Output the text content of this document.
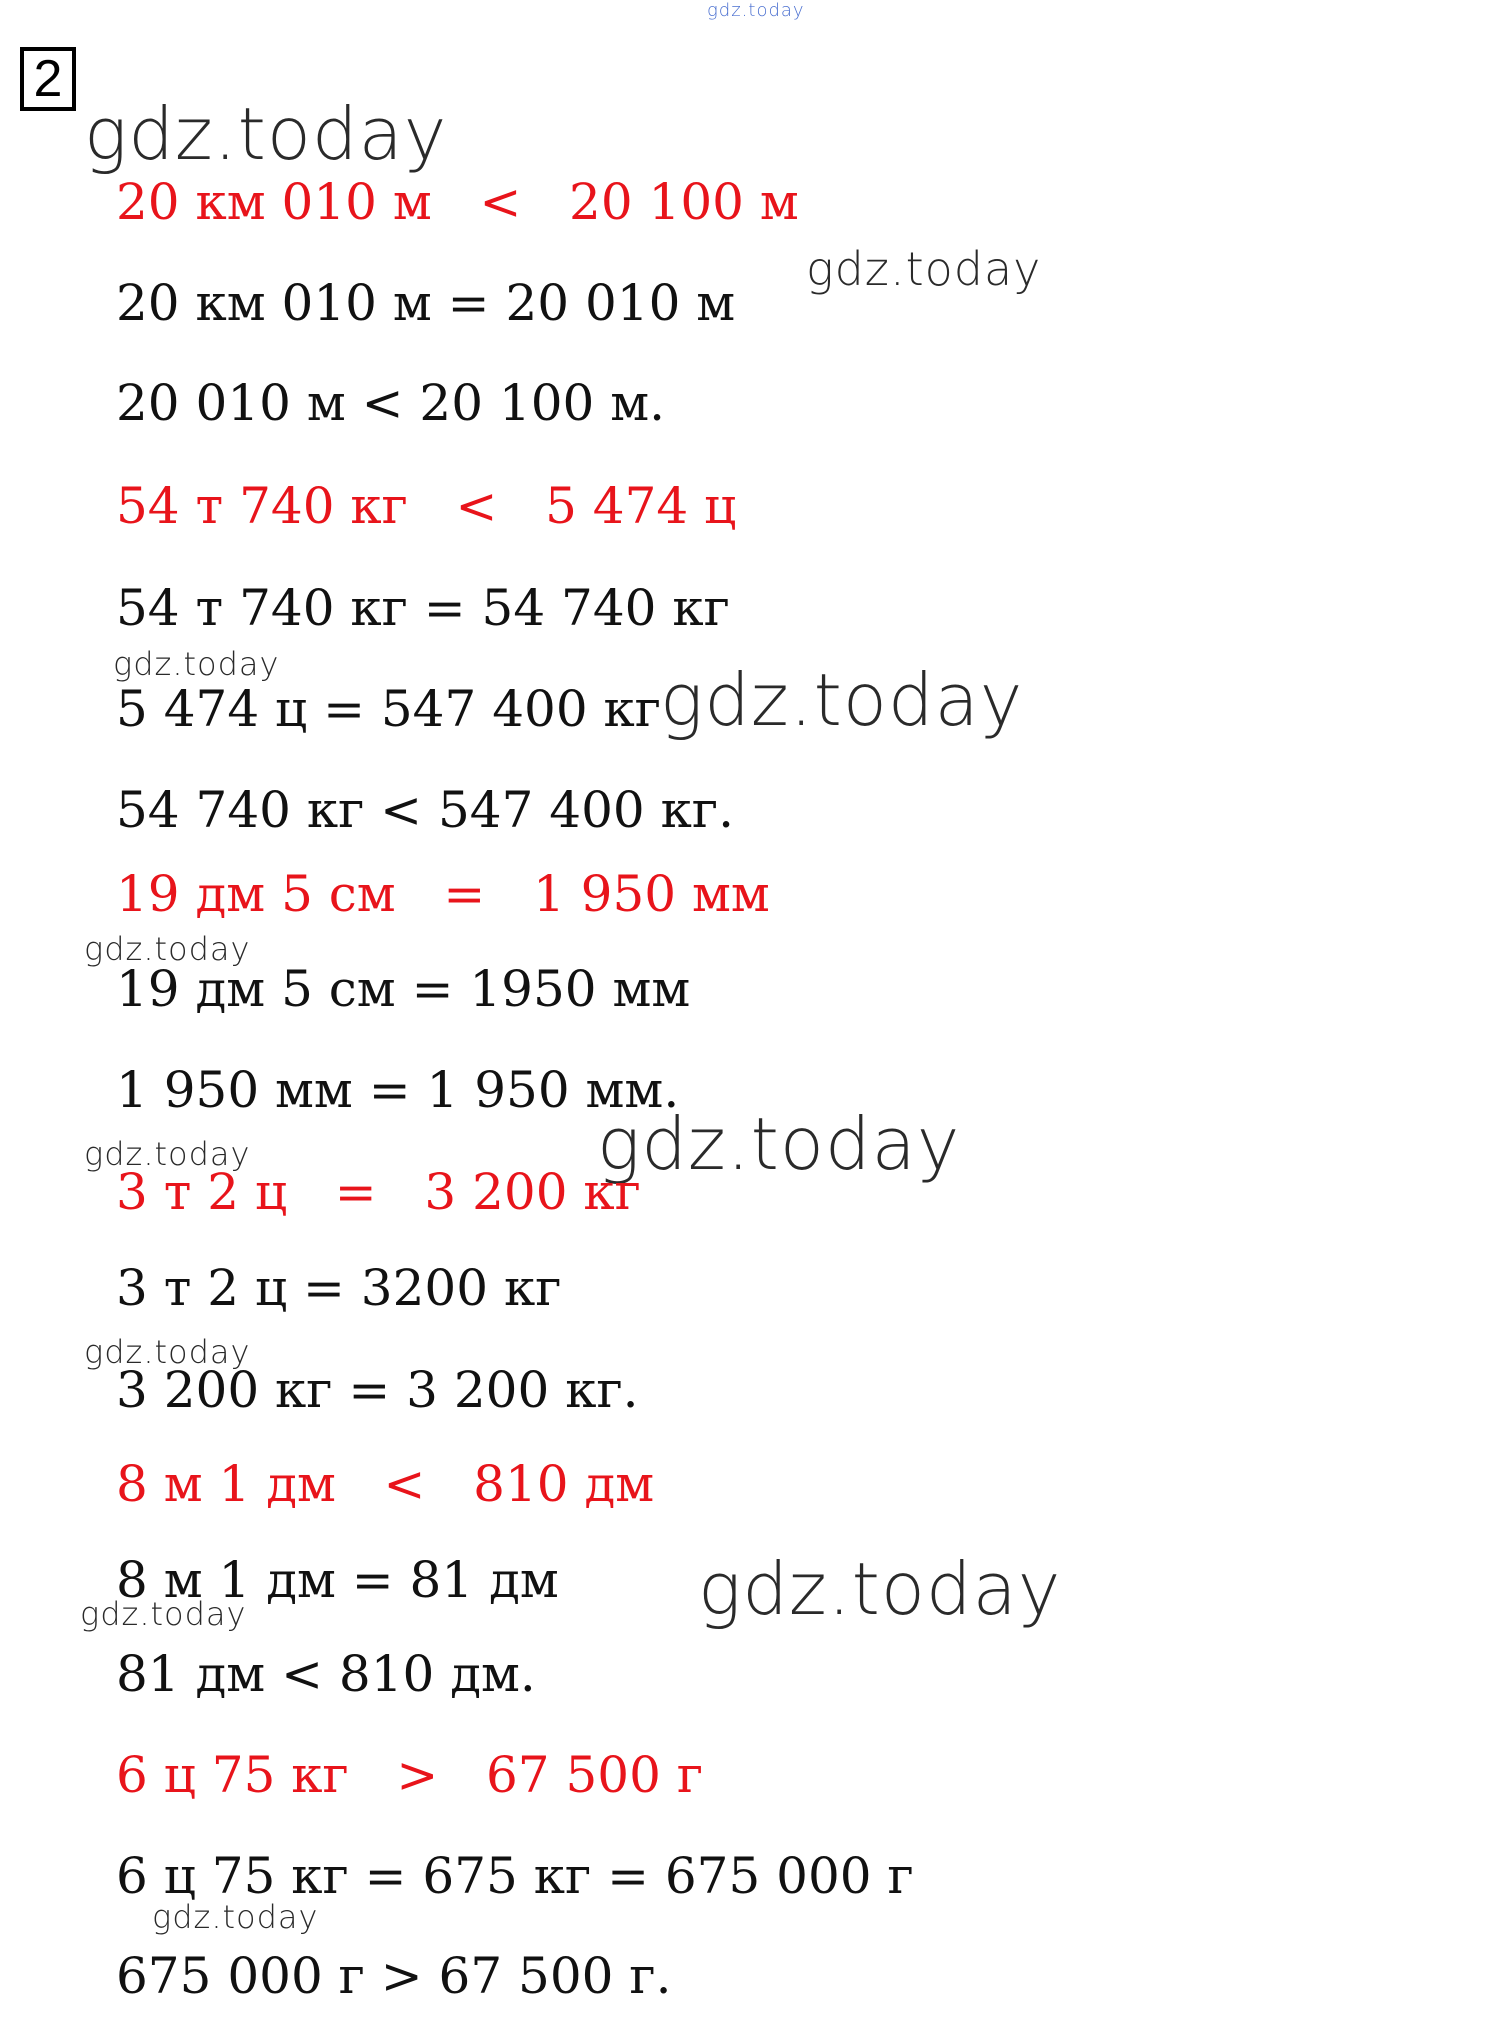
gdz.today
gdz.today
gdz.today
gdz.today	gdz.today
gdz.today
gdz.today	gdz.today
gdz.today
gdz.today
gdz.today
gdz.today
2
20 км 010 м   <   20 100 м
20 км 010 м = 20 010 м
20 010 м < 20 100 м.
54 т 740 кг   <   5 474 ц
54 т 740 кг = 54 740 кг
5 474 ц = 547 400 кг
54 740 кг < 547 400 кг.
19 дм 5 см   =   1 950 мм
19 дм 5 см = 1950 мм
1 950 мм = 1 950 мм.
3 т 2 ц   =   3 200 кг
3 т 2 ц = 3200 кг
3 200 кг = 3 200 кг.
8 м 1 дм   <   810 дм
8 м 1 дм = 81 дм
81 дм < 810 дм.
6 ц 75 кг   >   67 500 г
6 ц 75 кг = 675 кг = 675 000 г
675 000 г > 67 500 г.
